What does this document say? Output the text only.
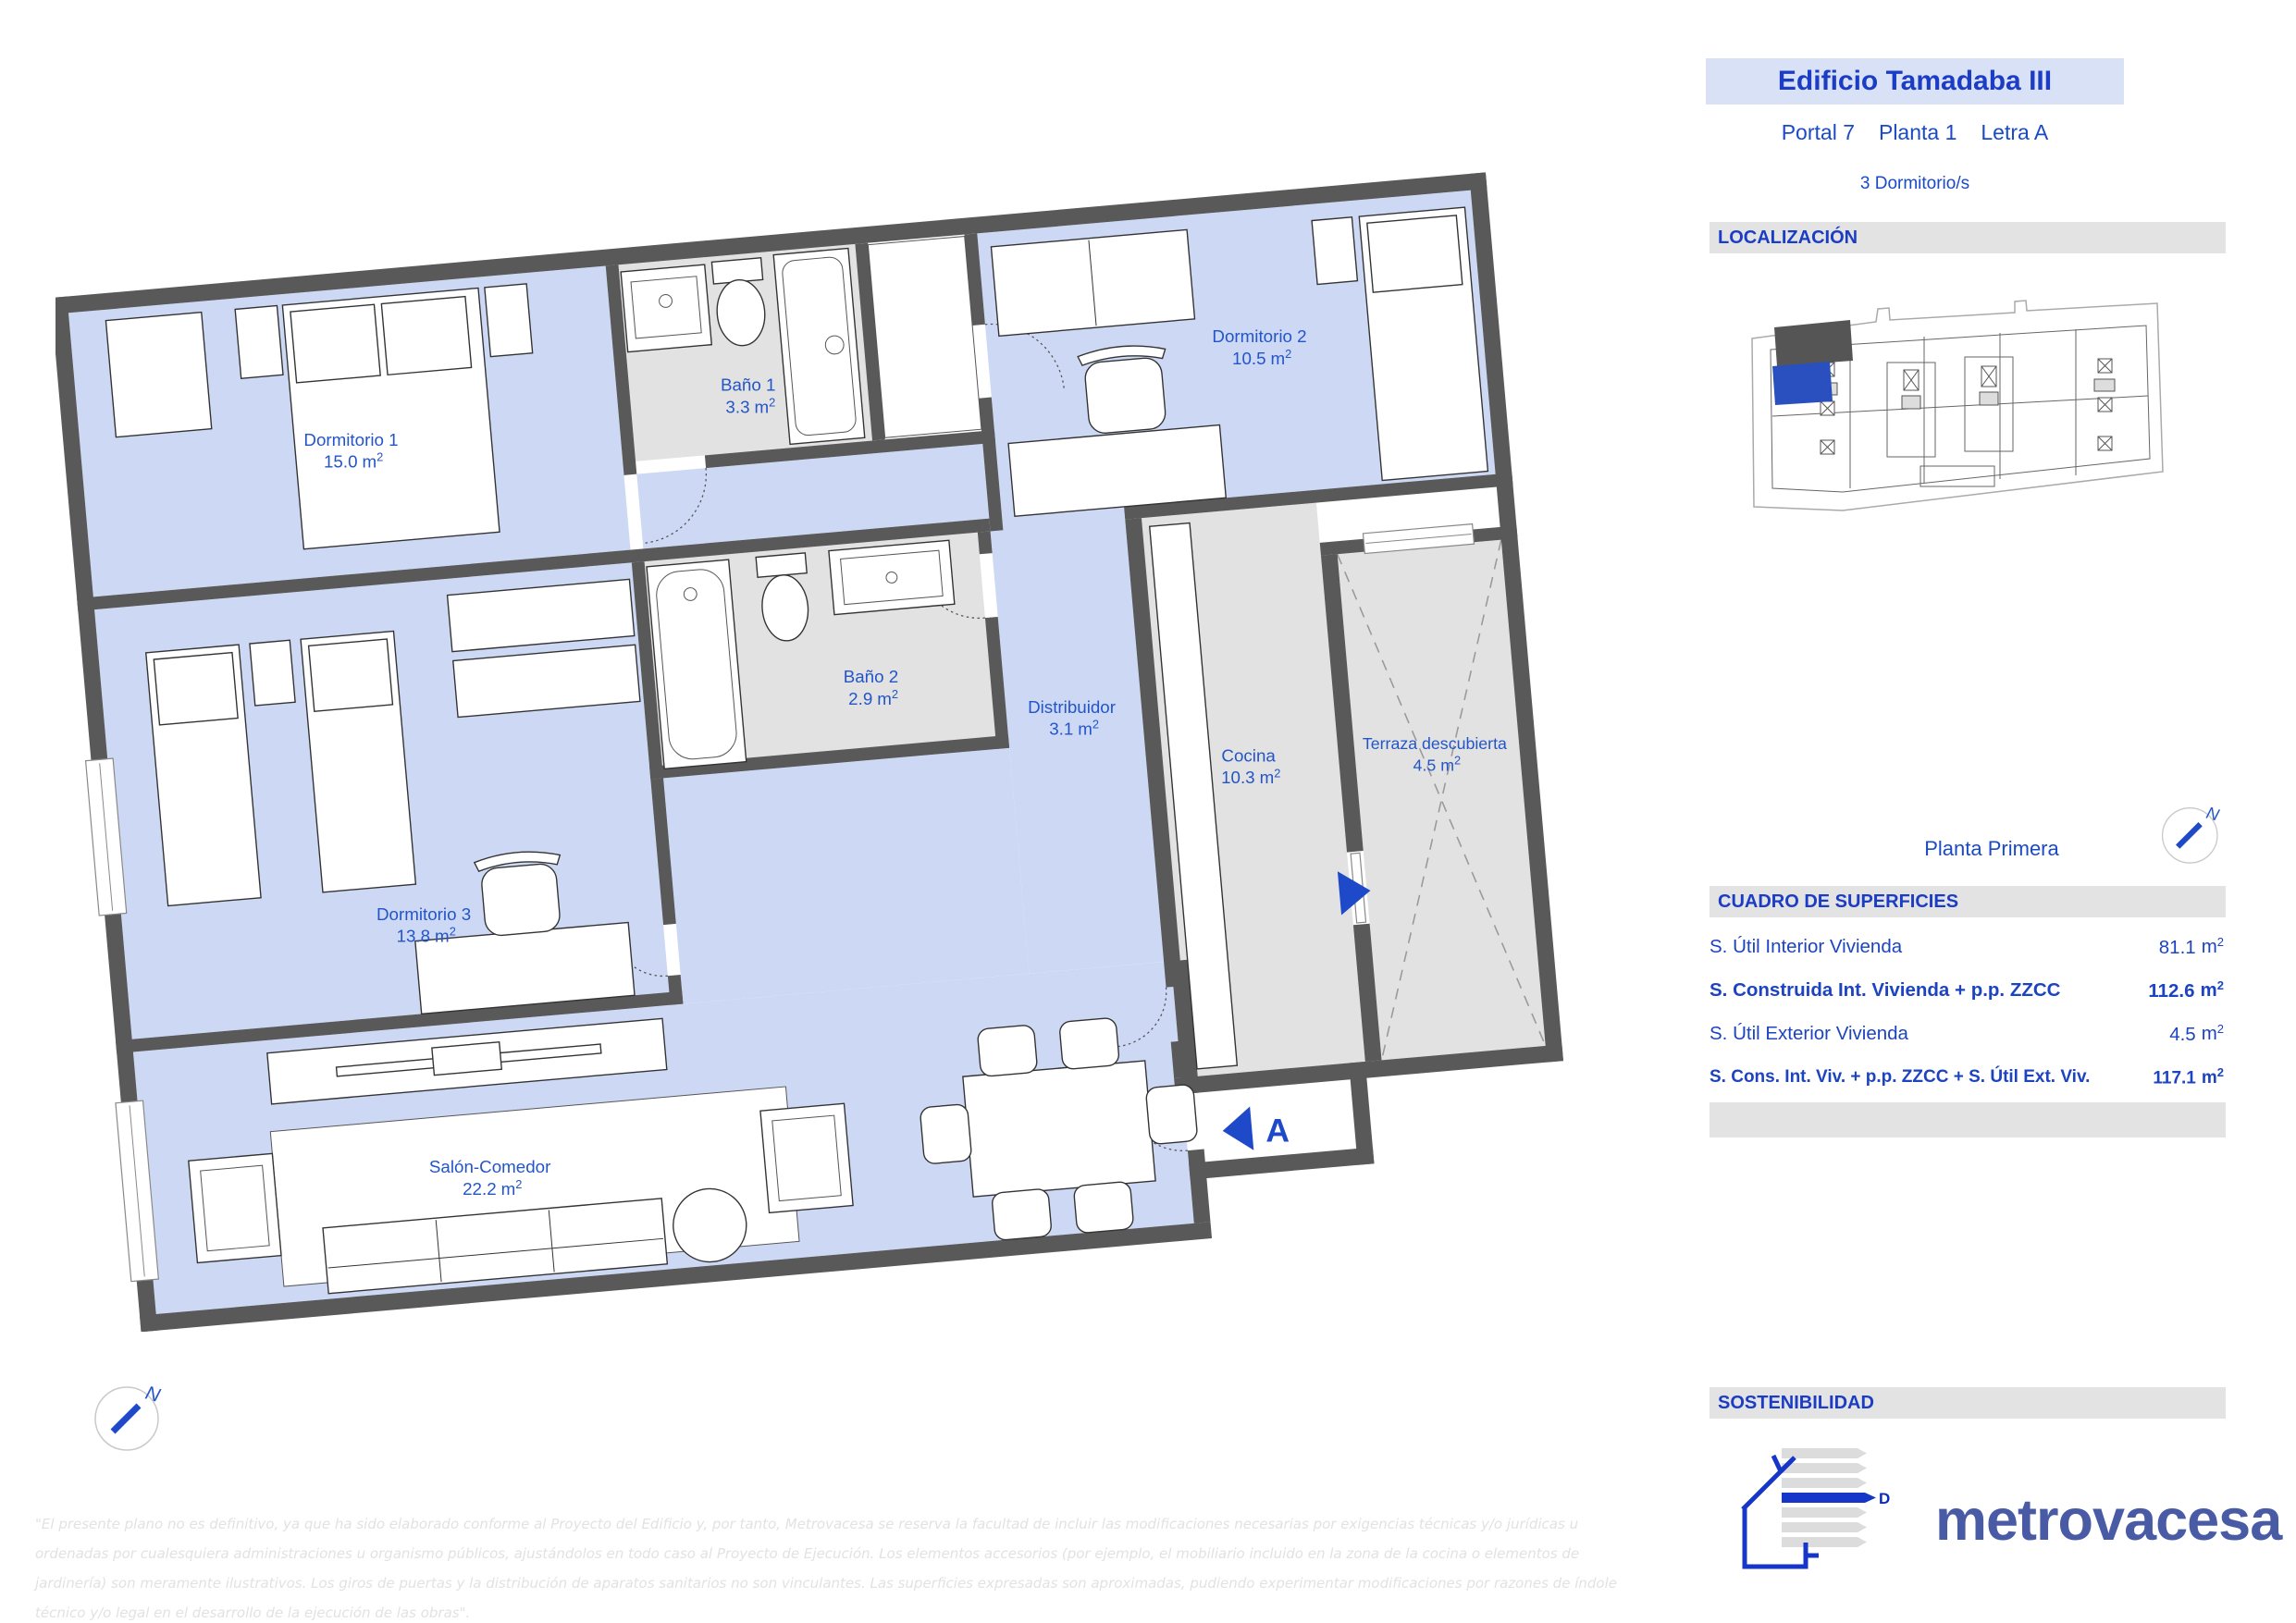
A
Dormitorio 1 15.0 $m^2$
Baño 1 3.3 $m^2$
Dormitorio 2 10.5 $m^2$
Distribuidor 3.1 $m^2$
Baño 2 2.9 $m^2$
Cocina 10.3 $m^2$
Terraza descubierta 4.5 $m^2$
Dormitorio 3 13.8 $m^2$
Salón-Comedor 22.2 $m^2$
N
"El presente plano no es definitivo, ya que ha sido elaborado conforme al Proyecto del Edificio y, por tanto, Metrovacesa se reserva la facultad de incluir las modificaciones necesarias por exigencias técnicas y/o jurídicas u ordenadas por cualesquiera administraciones u organismo públicos, ajustándolos en todo caso al Proyecto de Ejecución. Los elementos accesorios (por ejemplo, el mobiliario incluido en la zona de la cocina o elementos de jardinería) son meramente ilustrativos. Los giros de puertas y la distribución de aparatos sanitarios no son vinculantes. Las superficies expresadas son aproximadas, pudiendo experimentar modificaciones por razones de índole técnico y/o legal en el desarrollo de la ejecución de las obras".
Edificio Tamadaba III
Portal 7 Planta 1 Letra A
3 Dormitorio/s
LOCALIZACIÓN
Planta Primera
N
CUADRO DE SUPERFICIES
S. Útil Interior Vivienda	81.1 $m^2$
S. Construida Int. Vivienda + p.p. ZZCC	112.6 $m^2$
S. Útil Exterior Vivienda	4.5 $m^2$
S. Cons. Int. Viv. + p.p. ZZCC + S. Útil Ext. Viv.	117.1 $m^2$
SOSTENIBILIDAD
D metrovacesa
